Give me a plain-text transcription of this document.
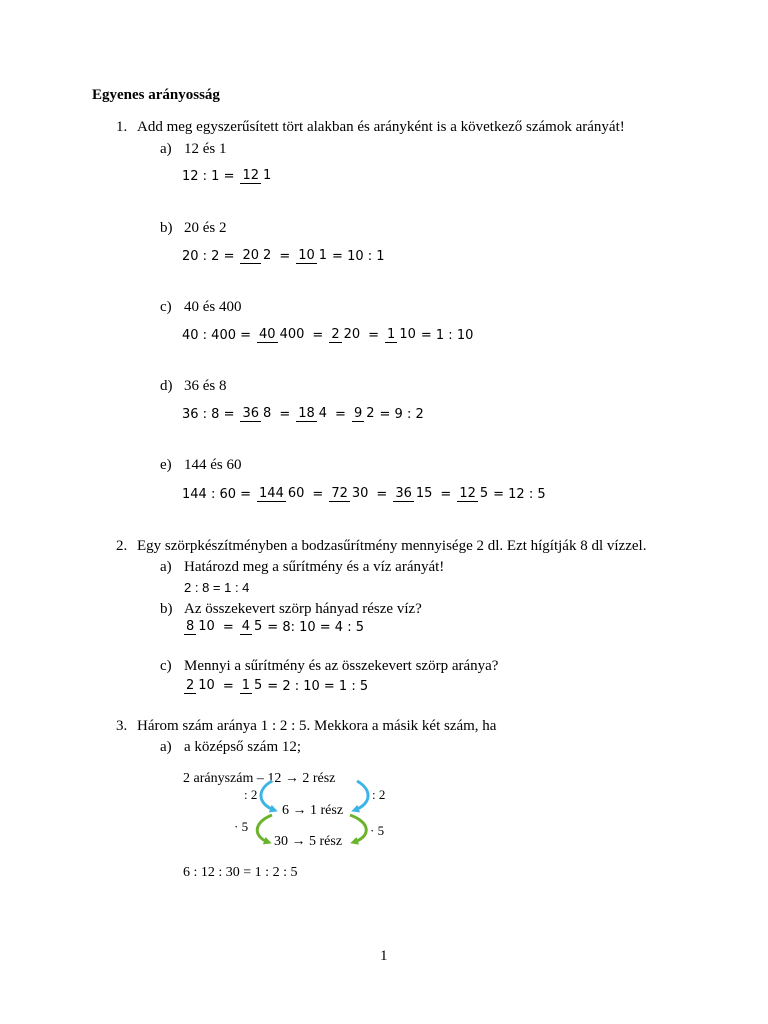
Egyenes arányosság
1. Add meg egyszerűsített tört alakban és arányként is a következő számok arányát!
a) 12 és 1
12 : 1 = 12 1
b) 20 és 2
20 : 2 = 20 2 = 10 1 = 10 : 1
c) 40 és 400
40 : 400 = 40 400 = 2 20 = 1 10 = 1 : 10
d) 36 és 8
36 : 8 = 36 8 = 18 4 = 9 2 = 9 : 2
e) 144 és 60
144 : 60 = 144 60 = 72 30 = 36 15 = 12 5 = 12 : 5
2. Egy szörpkészítményben a bodzasűrítmény mennyisége 2 dl. Ezt hígítják 8 dl vízzel.
a) Határozd meg a sűrítmény és a víz arányát!
2 : 8 = 1 : 4
b) Az összekevert szörp hányad része víz?
8 10 = 4 5 = 8: 10 = 4 : 5
c) Mennyi a sűrítmény és az összekevert szörp aránya?
2 10 = 1 5 = 2 : 10 = 1 : 5
3. Három szám aránya 1 : 2 : 5. Mekkora a másik két szám, ha
a) a középső szám 12;
2 arányszám – 12 → 2 rész
: 2	: 2
6 → 1 rész
· 5	· 5
30 → 5 rész
6 : 12 : 30 = 1 : 2 : 5
1
